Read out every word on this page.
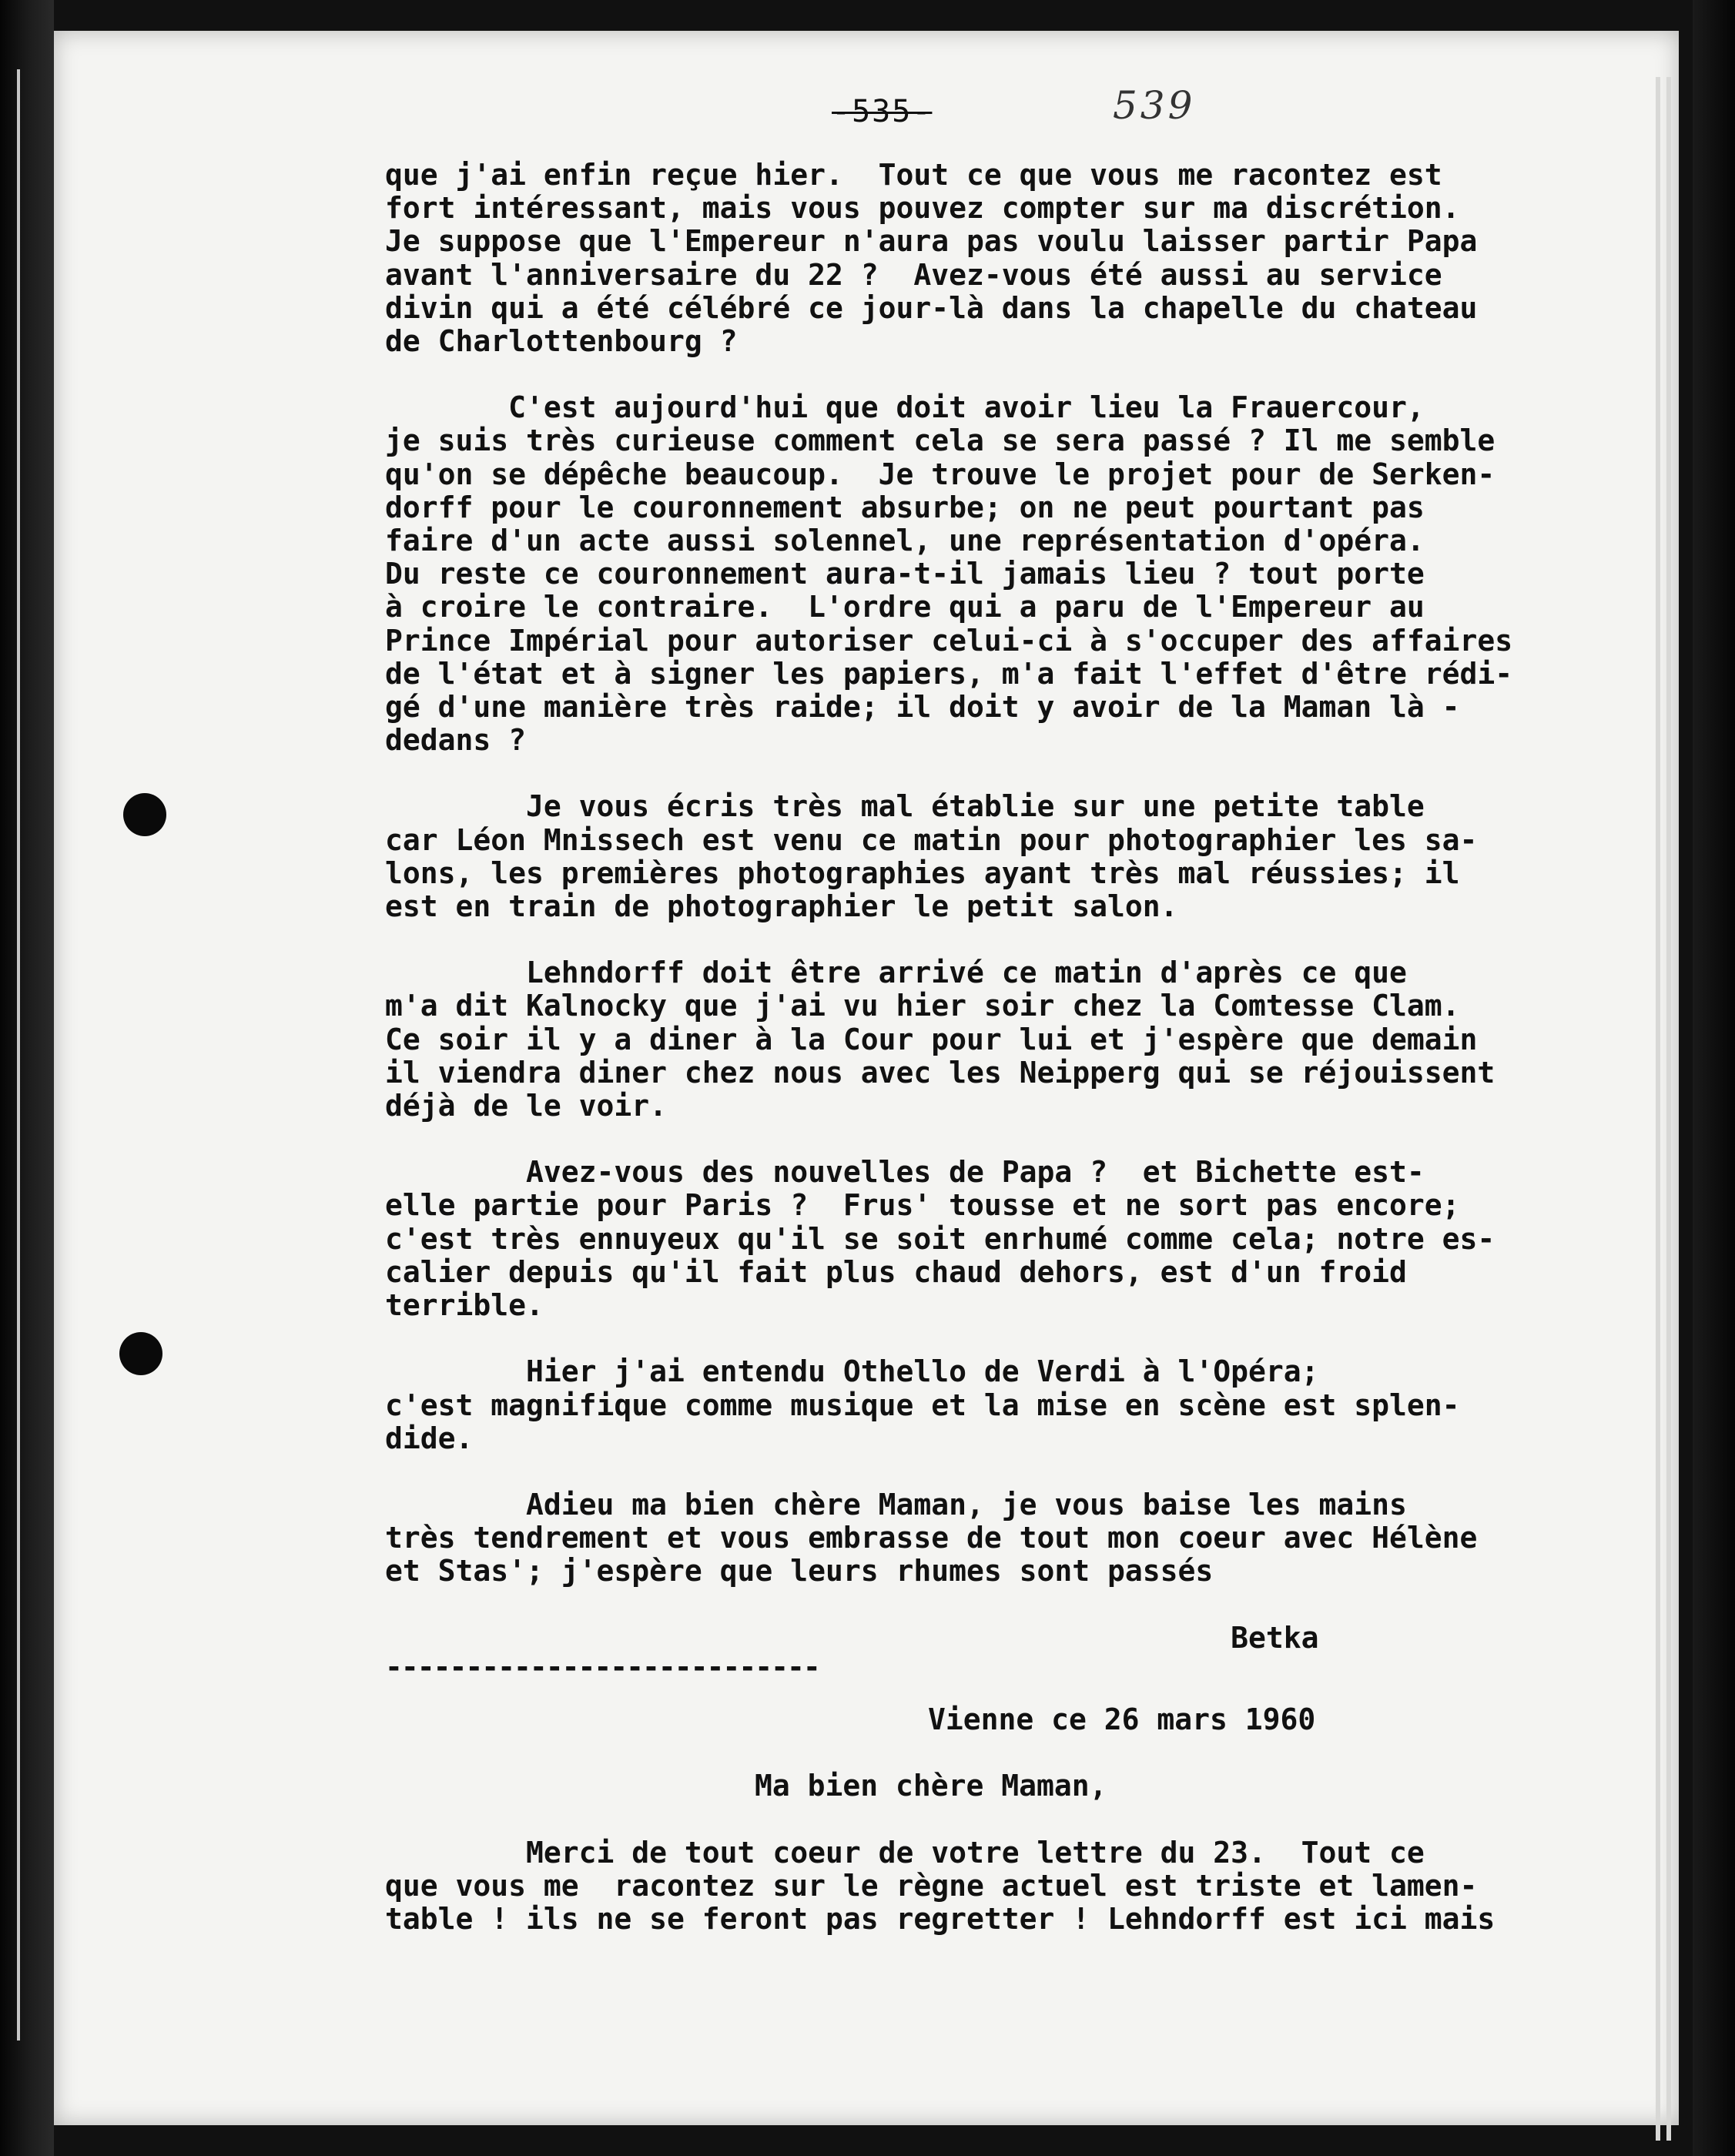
-535-	539

que j'ai enfin reçue hier.  Tout ce que vous me racontez est

fort intéressant, mais vous pouvez compter sur ma discrétion.

Je suppose que l'Empereur n'aura pas voulu laisser partir Papa

avant l'anniversaire du 22 ?  Avez-vous été aussi au service

divin qui a été célébré ce jour-là dans la chapelle du chateau

de Charlottenbourg ?

C'est aujourd'hui que doit avoir lieu la Frauercour,

je suis très curieuse comment cela se sera passé ? Il me semble

qu'on se dépêche beaucoup.  Je trouve le projet pour de Serken-

dorff pour le couronnement absurbe; on ne peut pourtant pas

faire d'un acte aussi solennel, une représentation d'opéra.

Du reste ce couronnement aura-t-il jamais lieu ? tout porte

à croire le contraire.  L'ordre qui a paru de l'Empereur au

Prince Impérial pour autoriser celui-ci à s'occuper des affaires

de l'état et à signer les papiers, m'a fait l'effet d'être rédi-

gé d'une manière très raide; il doit y avoir de la Maman là -

dedans ?

Je vous écris très mal établie sur une petite table

car Léon Mnissech est venu ce matin pour photographier les sa-

lons, les premières photographies ayant très mal réussies; il

est en train de photographier le petit salon.

Lehndorff doit être arrivé ce matin d'après ce que

m'a dit Kalnocky que j'ai vu hier soir chez la Comtesse Clam.

Ce soir il y a diner à la Cour pour lui et j'espère que demain

il viendra diner chez nous avec les Neipperg qui se réjouissent

déjà de le voir.

Avez-vous des nouvelles de Papa ?  et Bichette est-

elle partie pour Paris ?  Frus' tousse et ne sort pas encore;

c'est très ennuyeux qu'il se soit enrhumé comme cela; notre es-

calier depuis qu'il fait plus chaud dehors, est d'un froid

terrible.

Hier j'ai entendu Othello de Verdi à l'Opéra;

c'est magnifique comme musique et la mise en scène est splen-

dide.

Adieu ma bien chère Maman, je vous baise les mains

très tendrement et vous embrasse de tout mon coeur avec Hélène

et Stas'; j'espère que leurs rhumes sont passés

Betka

---------------------------
Vienne ce 26 mars 1960
Ma bien chère Maman,

Merci de tout coeur de votre lettre du 23.  Tout ce

que vous me  racontez sur le règne actuel est triste et lamen-

table ! ils ne se feront pas regretter ! Lehndorff est ici mais
